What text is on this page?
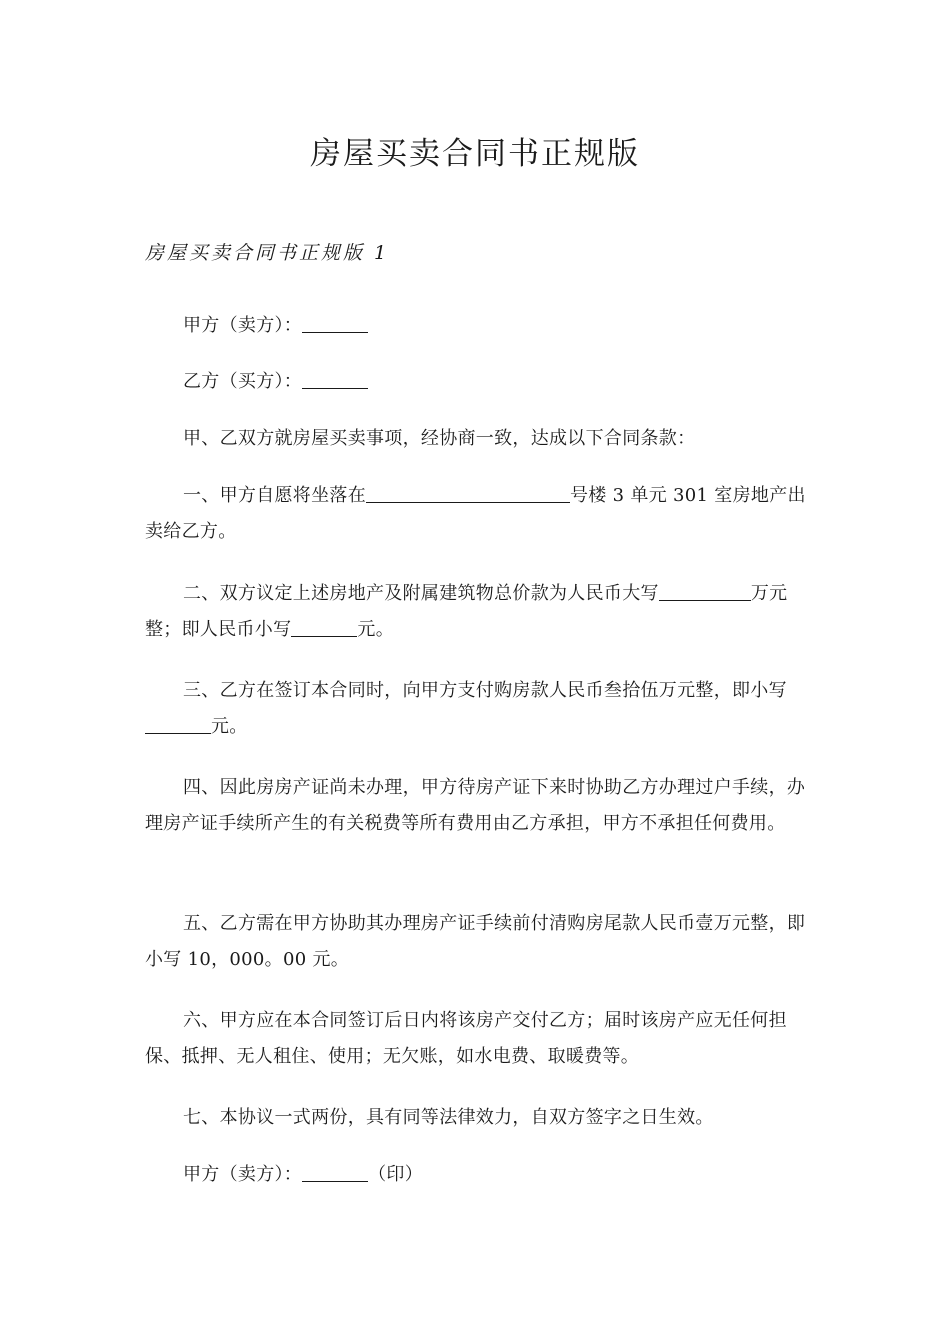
房屋买卖合同书正规版
房屋买卖合同书正规版 1

甲方（卖方）：

乙方（买方）：

甲、乙双方就房屋买卖事项，经协商一致，达成以下合同条款：

一、甲方自愿将坐落在	号楼 3 单元 301 室房地产出卖给乙方。

二、双方议定上述房地产及附属建筑物总价款为人民币大写	万元整；即人民币小写	元。

三、乙方在签订本合同时，向甲方支付购房款人民币叁拾伍万元整，即小写元。

四、因此房房产证尚未办理，甲方待房产证下来时协助乙方办理过户手续，办理房产证手续所产生的有关税费等所有费用由乙方承担，甲方不承担任何费用。

五、乙方需在甲方协助其办理房产证手续前付清购房尾款人民币壹万元整，即小写 10，000。00 元。

六、甲方应在本合同签订后日内将该房产交付乙方；届时该房产应无任何担保、抵押、无人租住、使用；无欠账，如水电费、取暖费等。

七、本协议一式两份，具有同等法律效力，自双方签字之日生效。

甲方（卖方）：	（印）
